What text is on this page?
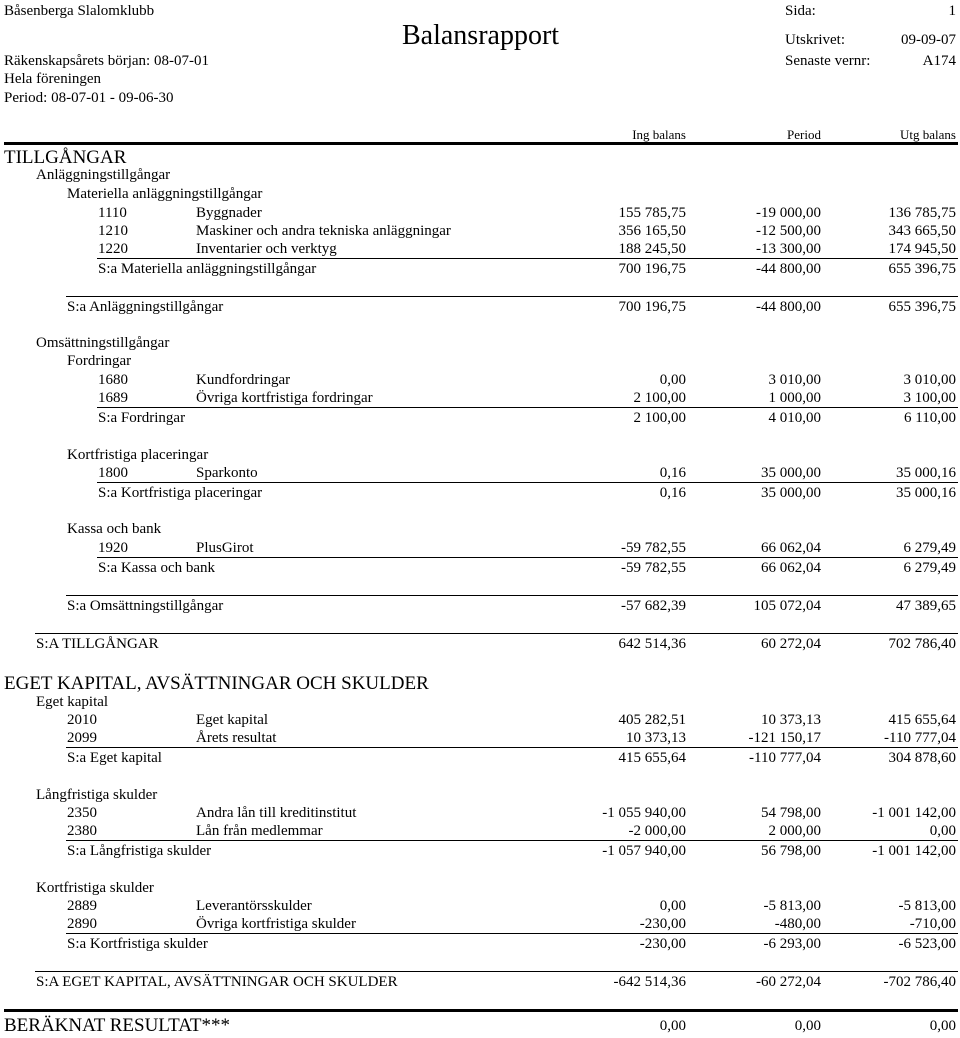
Båsenberga Slalomklubb
Balansrapport
Sida:	1
Utskrivet:	09-09-07
Senaste vernr:	A174
Räkenskapsårets början: 08-07-01
Hela föreningen
Period: 08-07-01 - 09-06-30
Ing balans	Period	Utg balans
TILLGÅNGAR
Anläggningstillgångar
Materiella anläggningstillgångar
1110	Byggnader	155 785,75	-19 000,00	136 785,75
1210	Maskiner och andra tekniska anläggningar	356 165,50	-12 500,00	343 665,50
1220	Inventarier och verktyg	188 245,50	-13 300,00	174 945,50
S:a Materiella anläggningstillgångar	700 196,75	-44 800,00	655 396,75
S:a Anläggningstillgångar	700 196,75	-44 800,00	655 396,75
Omsättningstillgångar
Fordringar
1680	Kundfordringar	0,00	3 010,00	3 010,00
1689	Övriga kortfristiga fordringar	2 100,00	1 000,00	3 100,00
S:a Fordringar	2 100,00	4 010,00	6 110,00
Kortfristiga placeringar
1800	Sparkonto	0,16	35 000,00	35 000,16
S:a Kortfristiga placeringar	0,16	35 000,00	35 000,16
Kassa och bank
1920	PlusGirot	-59 782,55	66 062,04	6 279,49
S:a Kassa och bank	-59 782,55	66 062,04	6 279,49
S:a Omsättningstillgångar	-57 682,39	105 072,04	47 389,65
S:A TILLGÅNGAR	642 514,36	60 272,04	702 786,40
EGET KAPITAL, AVSÄTTNINGAR OCH SKULDER
Eget kapital
2010	Eget kapital	405 282,51	10 373,13	415 655,64
2099	Årets resultat	10 373,13	-121 150,17	-110 777,04
S:a Eget kapital	415 655,64	-110 777,04	304 878,60
Långfristiga skulder
2350	Andra lån till kreditinstitut	-1 055 940,00	54 798,00	-1 001 142,00
2380	Lån från medlemmar	-2 000,00	2 000,00	0,00
S:a Långfristiga skulder	-1 057 940,00	56 798,00	-1 001 142,00
Kortfristiga skulder
2889	Leverantörsskulder	0,00	-5 813,00	-5 813,00
2890	Övriga kortfristiga skulder	-230,00	-480,00	-710,00
S:a Kortfristiga skulder	-230,00	-6 293,00	-6 523,00
S:A EGET KAPITAL, AVSÄTTNINGAR OCH SKULDER	-642 514,36	-60 272,04	-702 786,40
BERÄKNAT RESULTAT***	0,00	0,00	0,00
